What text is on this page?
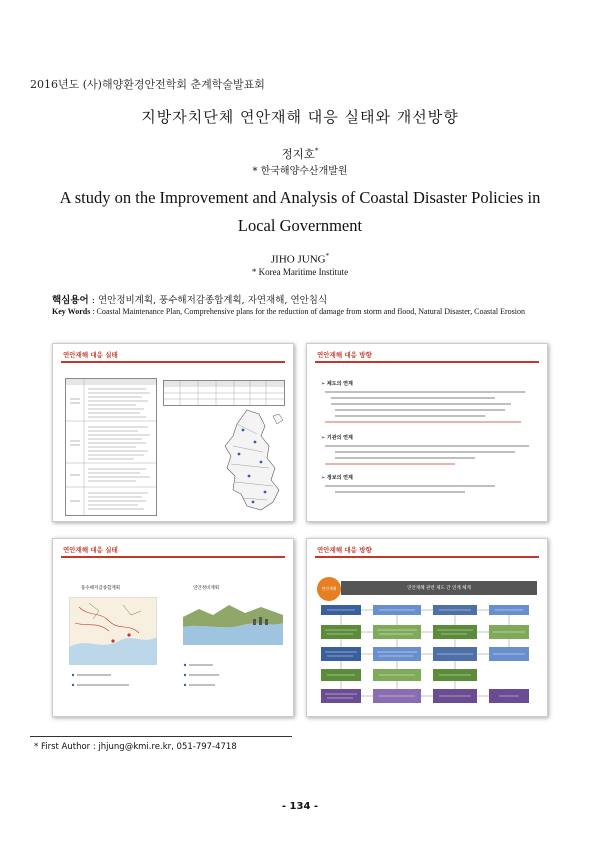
2016년도 (사)해양환경안전학회 춘계학술발표회
지방자치단체 연안재해 대응 실태와 개선방향
정지호*
* 한국해양수산개발원
A study on the Improvement and Analysis of Coastal Disaster Policies in
Local Government
JIHO JUNG*
* Korea Maritime Institute
핵심용어 : 연안정비계획, 풍수해저감종합계획, 자연재해, 연안침식
Key Words : Coastal Maintenance Plan, Comprehensive plans for the reduction of damage from storm and flood, Natural Disaster, Coastal Erosion
연안재해 대응 실태	연안재해 대응 방향
➢ 제도의 연계
➢ 기관의 연계
➢ 정보의 연계
연안재해 대응 실태
풍수해저감종합계획	연안정비계획
연안재해 대응 방향
연안재해	연안재해 관련 제도 간 연계 체계
* First Author : jhjung@kmi.re.kr, 051-797-4718
- 134 -
